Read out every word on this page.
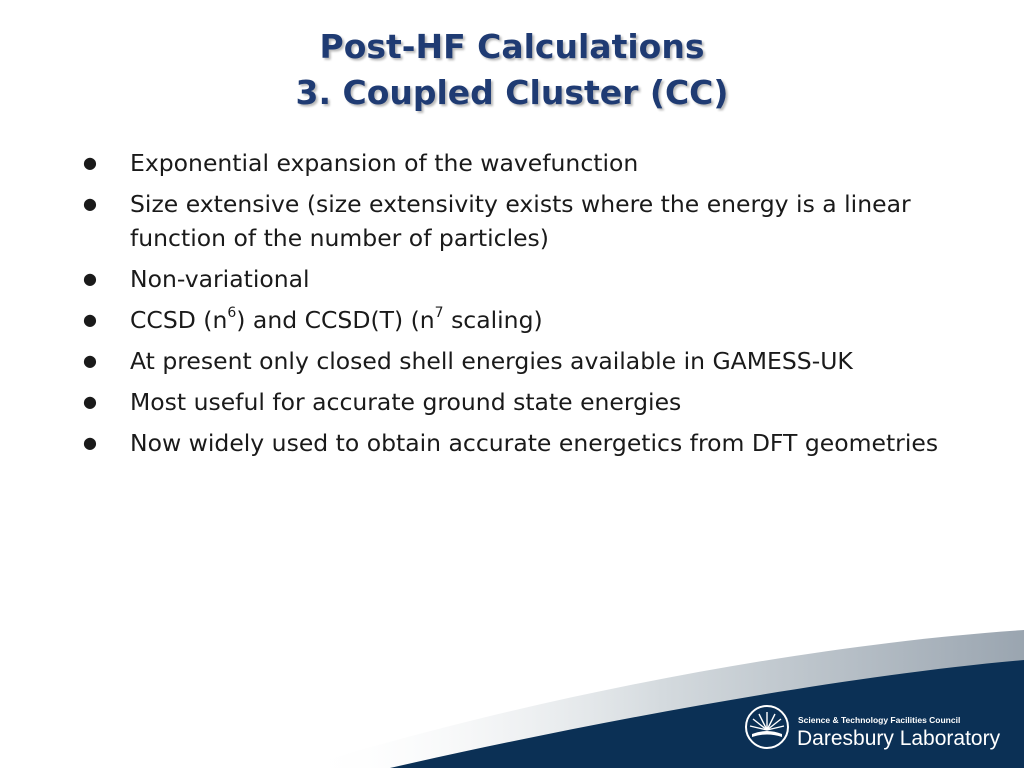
Post-HF Calculations
3. Coupled Cluster (CC)
● Exponential expansion of the wavefunction
● Size extensive (size extensivity exists where the energy is a linear function of the number of particles)
● Non-variational
● CCSD $(n^6)$ and CCSD(T) ($n^7$ scaling)
● At present only closed shell energies available in GAMESS-UK
● Most useful for accurate ground state energies
● Now widely used to obtain accurate energetics from DFT geometries
Science & Technology Facilities Council
Daresbury Laboratory
